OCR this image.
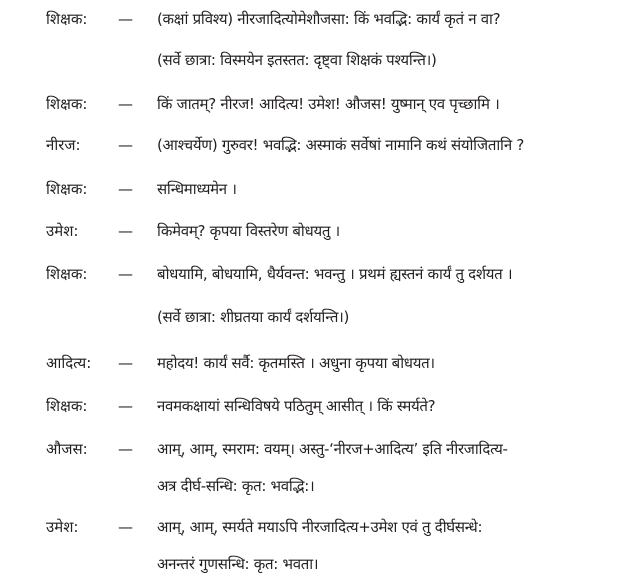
शिक्षक: — (कक्षां प्रविश्य) नीरजादित्योमेशौजसा: किं भवद्भि: कार्यं कृतं न वा?
(सर्वे छात्रा: विस्मयेन इतस्तत: दृष्ट्वा शिक्षकं पश्यन्ति।)
शिक्षक: — किं जातम्? नीरज! आदित्य! उमेश! औजस! युष्मान् एव पृच्छामि ।
नीरज: — (आश्चर्येण) गुरुवर! भवद्भि: अस्माकं सर्वेषां नामानि कथं संयोजितानि ?
शिक्षक: — सन्धिमाध्यमेन ।
उमेश:	— किमेवम्? कृपया विस्तरेण बोधयतु ।
शिक्षक: — बोधयामि, बोधयामि, धैर्यवन्त: भवन्तु । प्रथमं ह्यस्तनं कार्यं तु दर्शयत ।
(सर्वे छात्रा: शीघ्रतया कार्यं दर्शयन्ति।)
आदित्य: — महोदय! कार्यं सर्वै: कृतमस्ति । अधुना कृपया बोधयत।
शिक्षक: — नवमकक्षायां सन्धिविषये पठितुम् आसीत् । किं स्मर्यते?
औजस: — आम्, आम्, स्मराम: वयम्। अस्तु-‘नीरज+आदित्य’ इति नीरजादित्य-
अत्र दीर्घ-सन्धि: कृत: भवद्भि:।
उमेश:	— आम्, आम्, स्मर्यते मयाऽपि नीरजादित्य+उमेश एवं तु दीर्घसन्धे:
अनन्तरं गुणसन्धि: कृत: भवता।
